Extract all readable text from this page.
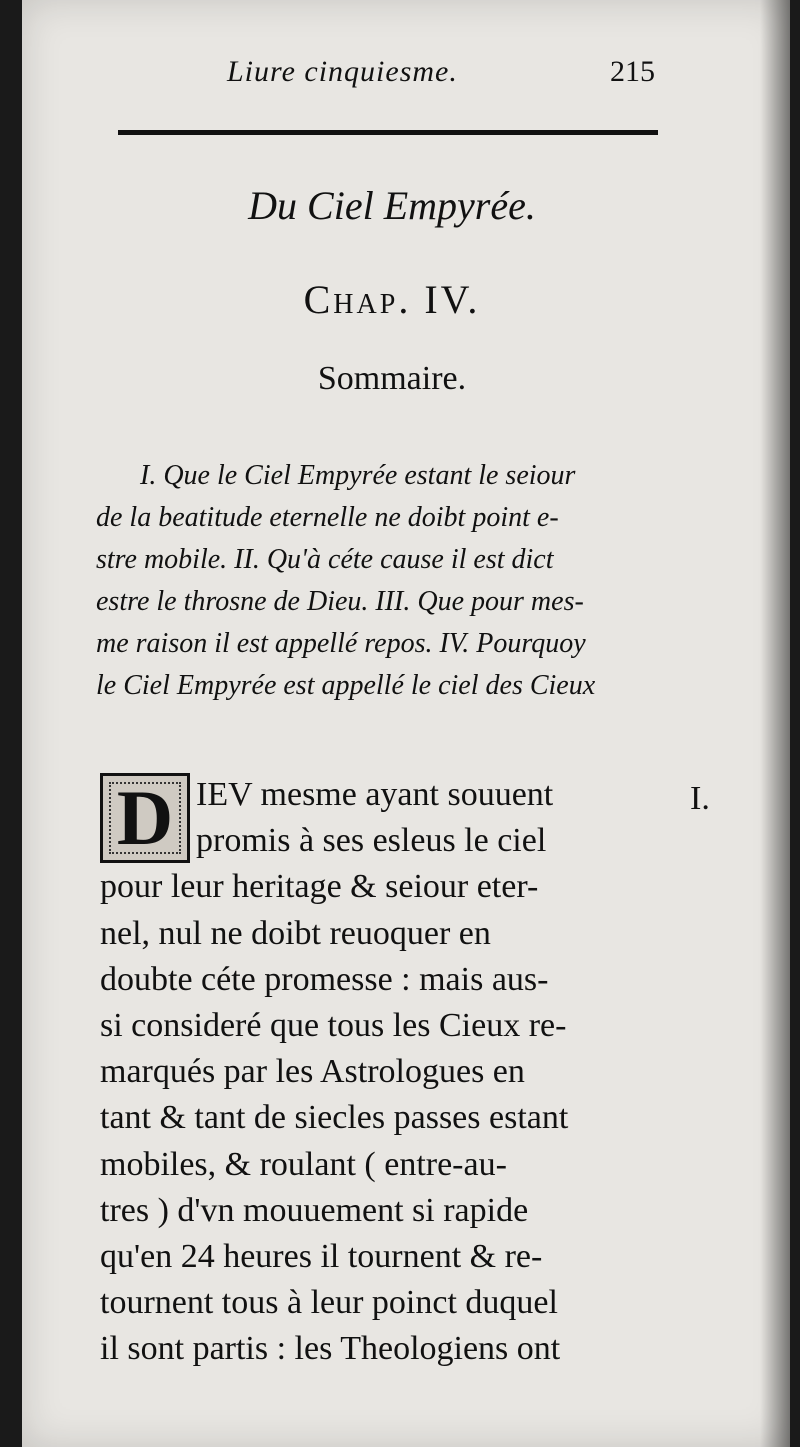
Liure cinquiesme.	215
Du Ciel Empyrée.
Chap. IV.
Sommaire.
I. Que le Ciel Empyrée estant le seiour
de la beatitude eternelle ne doibt point e-
stre mobile. II. Qu'à céte cause il est dict
estre le throsne de Dieu. III. Que pour mes-
me raison il est appellé repos. IV. Pourquoy
le Ciel Empyrée est appellé le ciel des Cieux
D IEV mesme ayant souuent
promis à ses esleus le ciel
pour leur heritage & seiour eter-
nel, nul ne doibt reuoquer en
doubte céte promesse : mais aus-
si consideré que tous les Cieux re-
marqués par les Astrologues en
tant & tant de siecles passes estant
mobiles, & roulant ( entre-au-
tres ) d'vn mouuement si rapide
qu'en 24 heures il tournent & re-
tournent tous à leur poinct duquel
il sont partis : les Theologiens ont
I.
